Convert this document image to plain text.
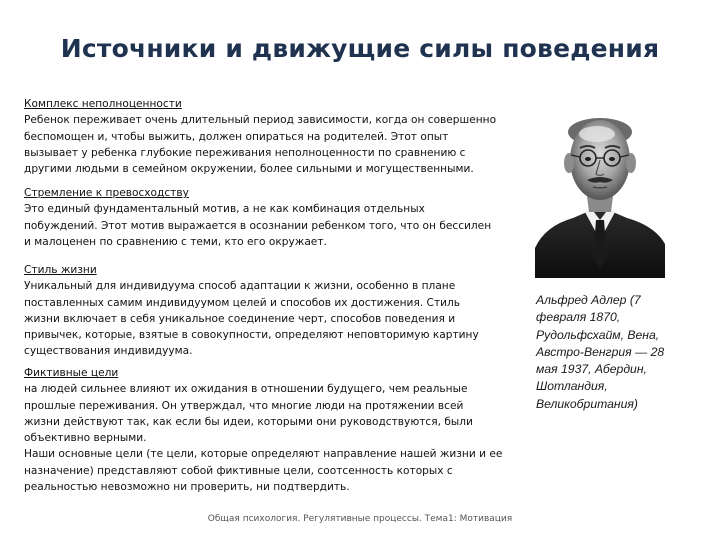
Источники и движущие силы поведения
Комплекс неполноценности
Ребенок переживает очень длительный период зависимости, когда он совершенно
беспомощен и, чтобы выжить, должен опираться на родителей. Этот опыт
вызывает у ребенка глубокие переживания неполноценности по сравнению с
другими людьми в семейном окружении, более сильными и могущественными.
Стремление к превосходству
Это единый фундаментальный мотив, а не как комбинация отдельных
побуждений. Этот мотив выражается в осознании ребенком того, что он бессилен
и малоценен по сравнению с теми, кто его окружает.
Стиль жизни
Уникальный для индивидуума способ адаптации к жизни, особенно в плане
поставленных самим индивидуумом целей и способов их достижения. Стиль
жизни включает в себя уникальное соединение черт, способов поведения и
привычек, которые, взятые в совокупности, определяют неповторимую картину
существования индивидуума.
Фиктивные цели
на людей сильнее влияют их ожидания в отношении будущего, чем реальные
прошлые переживания. Он утверждал, что многие люди на протяжении всей
жизни действуют так, как если бы идеи, которыми они руководствуются, были
объективно верными.
Наши основные цели (те цели, которые определяют направление нашей жизни и ее
назначение) представляют собой фиктивные цели, соотсенность которых с
реальностью невозможно ни проверить, ни подтвердить.
Альфред Адлер (7
февраля 1870,
Рудольфсхайм, Вена,
Австро-Венгрия — 28
мая 1937, Абердин,
Шотландия,
Великобритания)
Общая психология. Регулятивные процессы. Тема1: Мотивация
